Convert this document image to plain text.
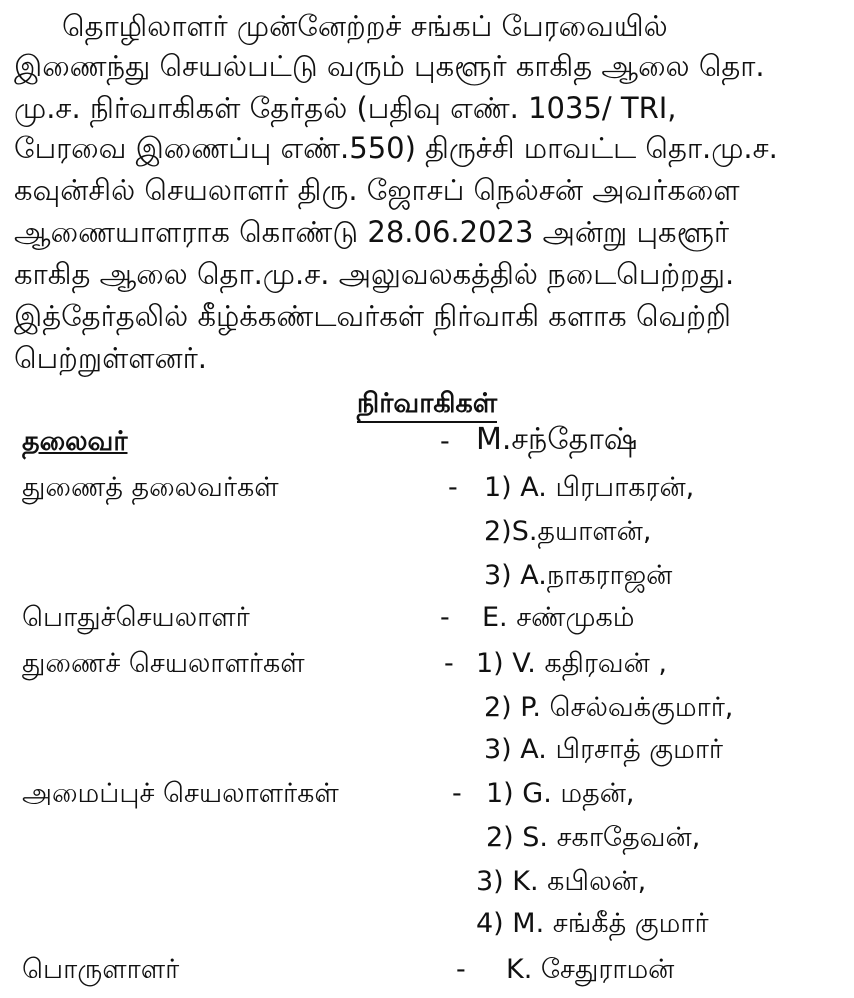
தொழிலாளர் முன்னேற்றச் சங்கப் பேரவையில்
இணைந்து செயல்பட்டு வரும் புகளூர் காகித ஆலை தொ.
மு.ச. நிர்வாகிகள் தேர்தல் (பதிவு எண். 1035/ TRI,
பேரவை இணைப்பு எண்.550) திருச்சி மாவட்ட தொ.மு.ச.
கவுன்சில் செயலாளர் திரு. ஜோசப் நெல்சன் அவர்களை
ஆணையாளராக கொண்டு 28.06.2023 அன்று புகளூர்
காகித ஆலை தொ.மு.ச. அலுவலகத்தில் நடைபெற்றது.
இத்தேர்தலில் கீழ்க்கண்டவர்கள் நிர்வாகி களாக வெற்றி
பெற்றுள்ளனர்.
நிர்வாகிகள்
தலைவர்	- M.சந்தோஷ்
துணைத் தலைவர்கள்	- 1) A. பிரபாகரன்,
2)S.தயாளன்,
3) A.நாகராஜன்
பொதுச்செயலாளர்	- E. சண்முகம்
துணைச் செயலாளர்கள்	- 1) V. கதிரவன் ,
2) P. செல்வக்குமார்,
3) A. பிரசாத் குமார்
அமைப்புச் செயலாளர்கள்	- 1) G. மதன்,
2) S. சகாதேவன்,
3) K. கபிலன்,
4) M. சங்கீத் குமார்
பொருளாளர்	- K. சேதுராமன்
